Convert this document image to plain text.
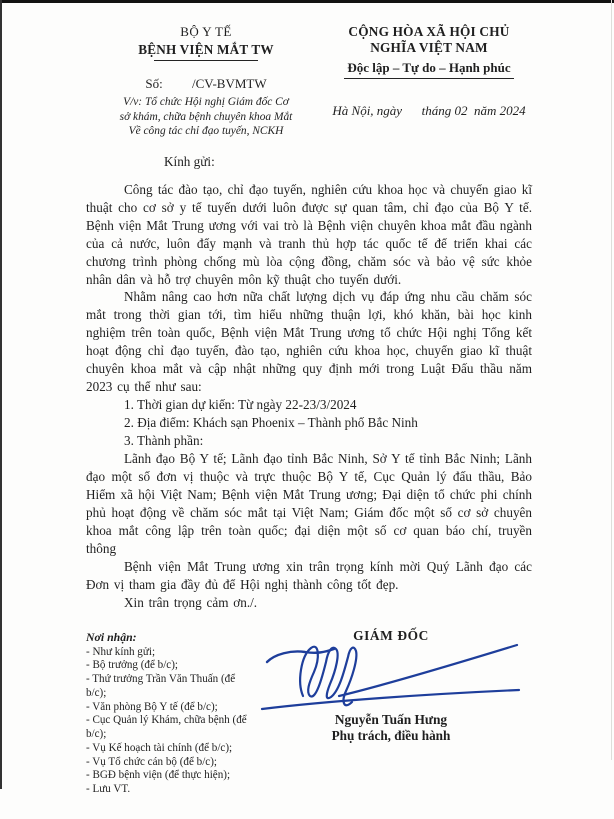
BỘ Y TẾ
BỆNH VIỆN MẮT TW
Số:         /CV-BVMTW
V/v: Tổ chức Hội nghị Giám đốc Cơ
sở khám, chữa bệnh chuyên khoa Mắt
Về công tác chỉ đạo tuyến, NCKH
CỘNG HÒA XÃ HỘI CHỦ NGHĨA VIỆT NAM
Độc lập – Tự do – Hạnh phúc
Hà Nội, ngày      tháng 02  năm 2024
Kính gửi:

Công tác đào tạo, chỉ đạo tuyến, nghiên cứu khoa học và chuyển giao kĩ thuật cho cơ sở y tế tuyến dưới luôn được sự quan tâm, chỉ đạo của Bộ Y tế. Bệnh viện Mắt Trung ương với vai trò là Bệnh viện chuyên khoa mắt đầu ngành của cả nước, luôn đẩy mạnh và tranh thủ hợp tác quốc tế để triển khai các chương trình phòng chống mù lòa cộng đồng, chăm sóc và bảo vệ sức khỏe nhân dân và hỗ trợ chuyên môn kỹ thuật cho tuyến dưới.

Nhằm nâng cao hơn nữa chất lượng dịch vụ đáp ứng nhu cầu chăm sóc mắt trong thời gian tới, tìm hiểu những thuận lợi, khó khăn, bài học kinh nghiệm trên toàn quốc, Bệnh viện Mắt Trung ương tổ chức Hội nghị Tổng kết hoạt động chỉ đạo tuyến, đào tạo, nghiên cứu khoa học, chuyển giao kĩ thuật chuyên khoa mắt và cập nhật những quy định mới trong Luật Đấu thầu năm 2023 cụ thể như sau:

1. Thời gian dự kiến: Từ ngày 22-23/3/2024
2. Địa điểm: Khách sạn Phoenix – Thành phố Bắc Ninh
3. Thành phần:

Lãnh đạo Bộ Y tế; Lãnh đạo tỉnh Bắc Ninh, Sở Y tế tỉnh Bắc Ninh; Lãnh đạo một số đơn vị thuộc và trực thuộc Bộ Y tế, Cục Quản lý đấu thầu, Bảo Hiểm xã hội Việt Nam; Bệnh viện Mắt Trung ương; Đại diện tổ chức phi chính phủ hoạt động về chăm sóc mắt tại Việt Nam; Giám đốc một số cơ sở chuyên khoa mắt công lập trên toàn quốc; đại diện một số cơ quan báo chí, truyền thông

Bệnh viện Mắt Trung ương xin trân trọng kính mời Quý Lãnh đạo các Đơn vị tham gia đầy đủ để Hội nghị thành công tốt đẹp.

Xin trân trọng cảm ơn./.

Nơi nhận:
- Như kính gửi;
- Bộ trưởng (để b/c);
- Thứ trưởng Trần Văn Thuấn (để b/c);
- Văn phòng Bộ Y tế (để b/c);
- Cục Quản lý Khám, chữa bệnh (để b/c);
- Vụ Kế hoạch tài chính (để b/c);
- Vụ Tổ chức cán bộ (để b/c);
- BGĐ bệnh viện (để thực hiện);
- Lưu VT.
GIÁM ĐỐC
Nguyễn Tuấn Hưng
Phụ trách, điều hành
